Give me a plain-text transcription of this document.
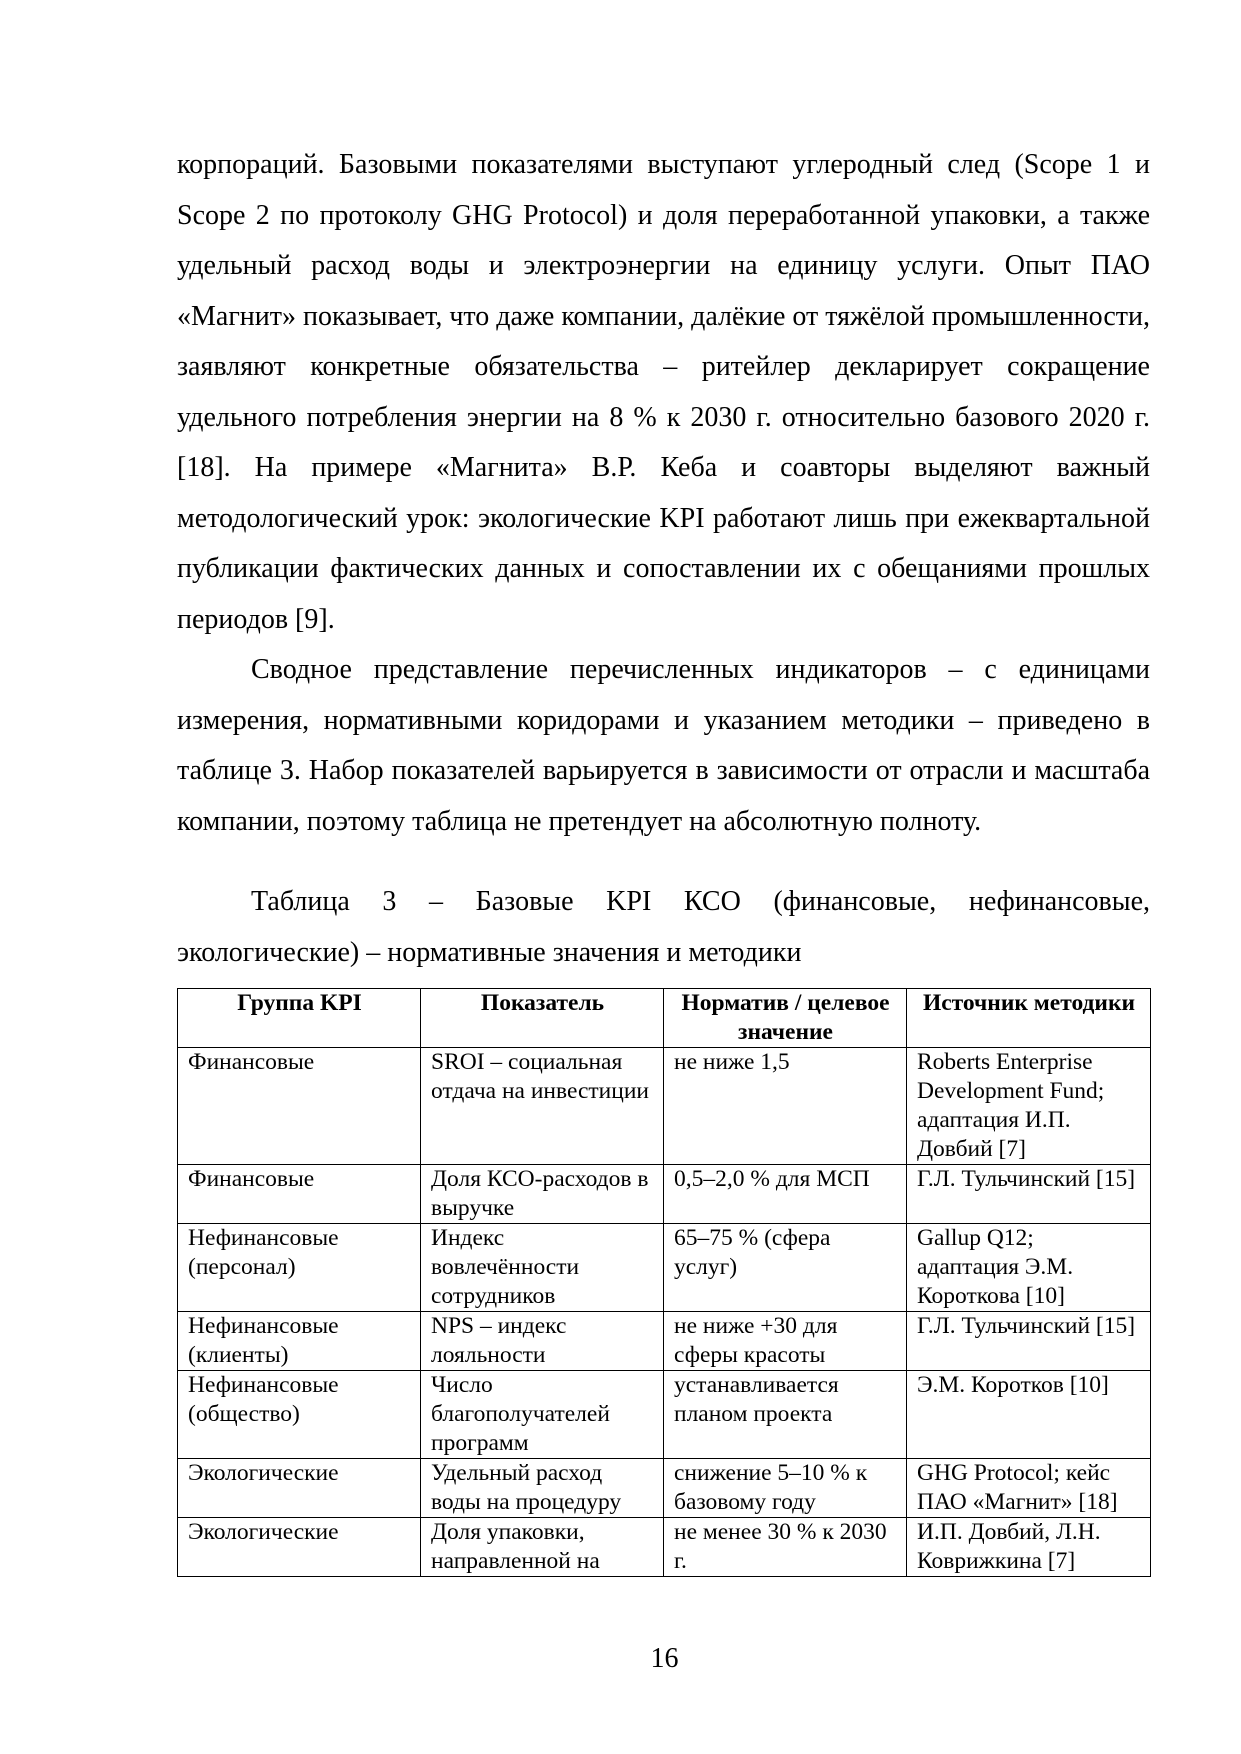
корпораций. Базовыми показателями выступают углеродный след (Scope 1 и Scope 2 по протоколу GHG Protocol) и доля переработанной упаковки, а также удельный расход воды и электроэнергии на единицу услуги. Опыт ПАО «Магнит» показывает, что даже компании, далёкие от тяжёлой промышленности, заявляют конкретные обязательства – ритейлер декларирует сокращение удельного потребления энергии на 8 % к 2030 г. относительно базового 2020 г. [18]. На примере «Магнита» В.Р. Кеба и соавторы выделяют важный методологический урок: экологические KPI работают лишь при ежеквартальной публикации фактических данных и сопоставлении их с обещаниями прошлых периодов [9].

Сводное представление перечисленных индикаторов – с единицами измерения, нормативными коридорами и указанием методики – приведено в таблице 3. Набор показателей варьируется в зависимости от отрасли и масштаба компании, поэтому таблица не претендует на абсолютную полноту.

Таблица 3 – Базовые KPI КСО (финансовые, нефинансовые, экологические) – нормативные значения и методики

Группа KPI	Показатель	Норматив / целевое значение	Источник методики
Финансовые	SROI – социальная отдача на инвестиции	не ниже 1,5	Roberts Enterprise Development Fund; адаптация И.П. Довбий [7]
Финансовые	Доля КСО-расходов в выручке	0,5–2,0 % для МСП	Г.Л. Тульчинский [15]
Нефинансовые (персонал)	Индекс вовлечённости сотрудников	65–75 % (сфера услуг)	Gallup Q12; адаптация Э.М. Короткова [10]
Нефинансовые (клиенты)	NPS – индекс лояльности	не ниже +30 для сферы красоты	Г.Л. Тульчинский [15]
Нефинансовые (общество)	Число благополучателей программ	устанавливается планом проекта	Э.М. Коротков [10]
Экологические	Удельный расход воды на процедуру	снижение 5–10 % к базовому году	GHG Protocol; кейс ПАО «Магнит» [18]
Экологические	Доля упаковки, направленной на	не менее 30 % к 2030 г.	И.П. Довбий, Л.Н. Коврижкина [7]
16
